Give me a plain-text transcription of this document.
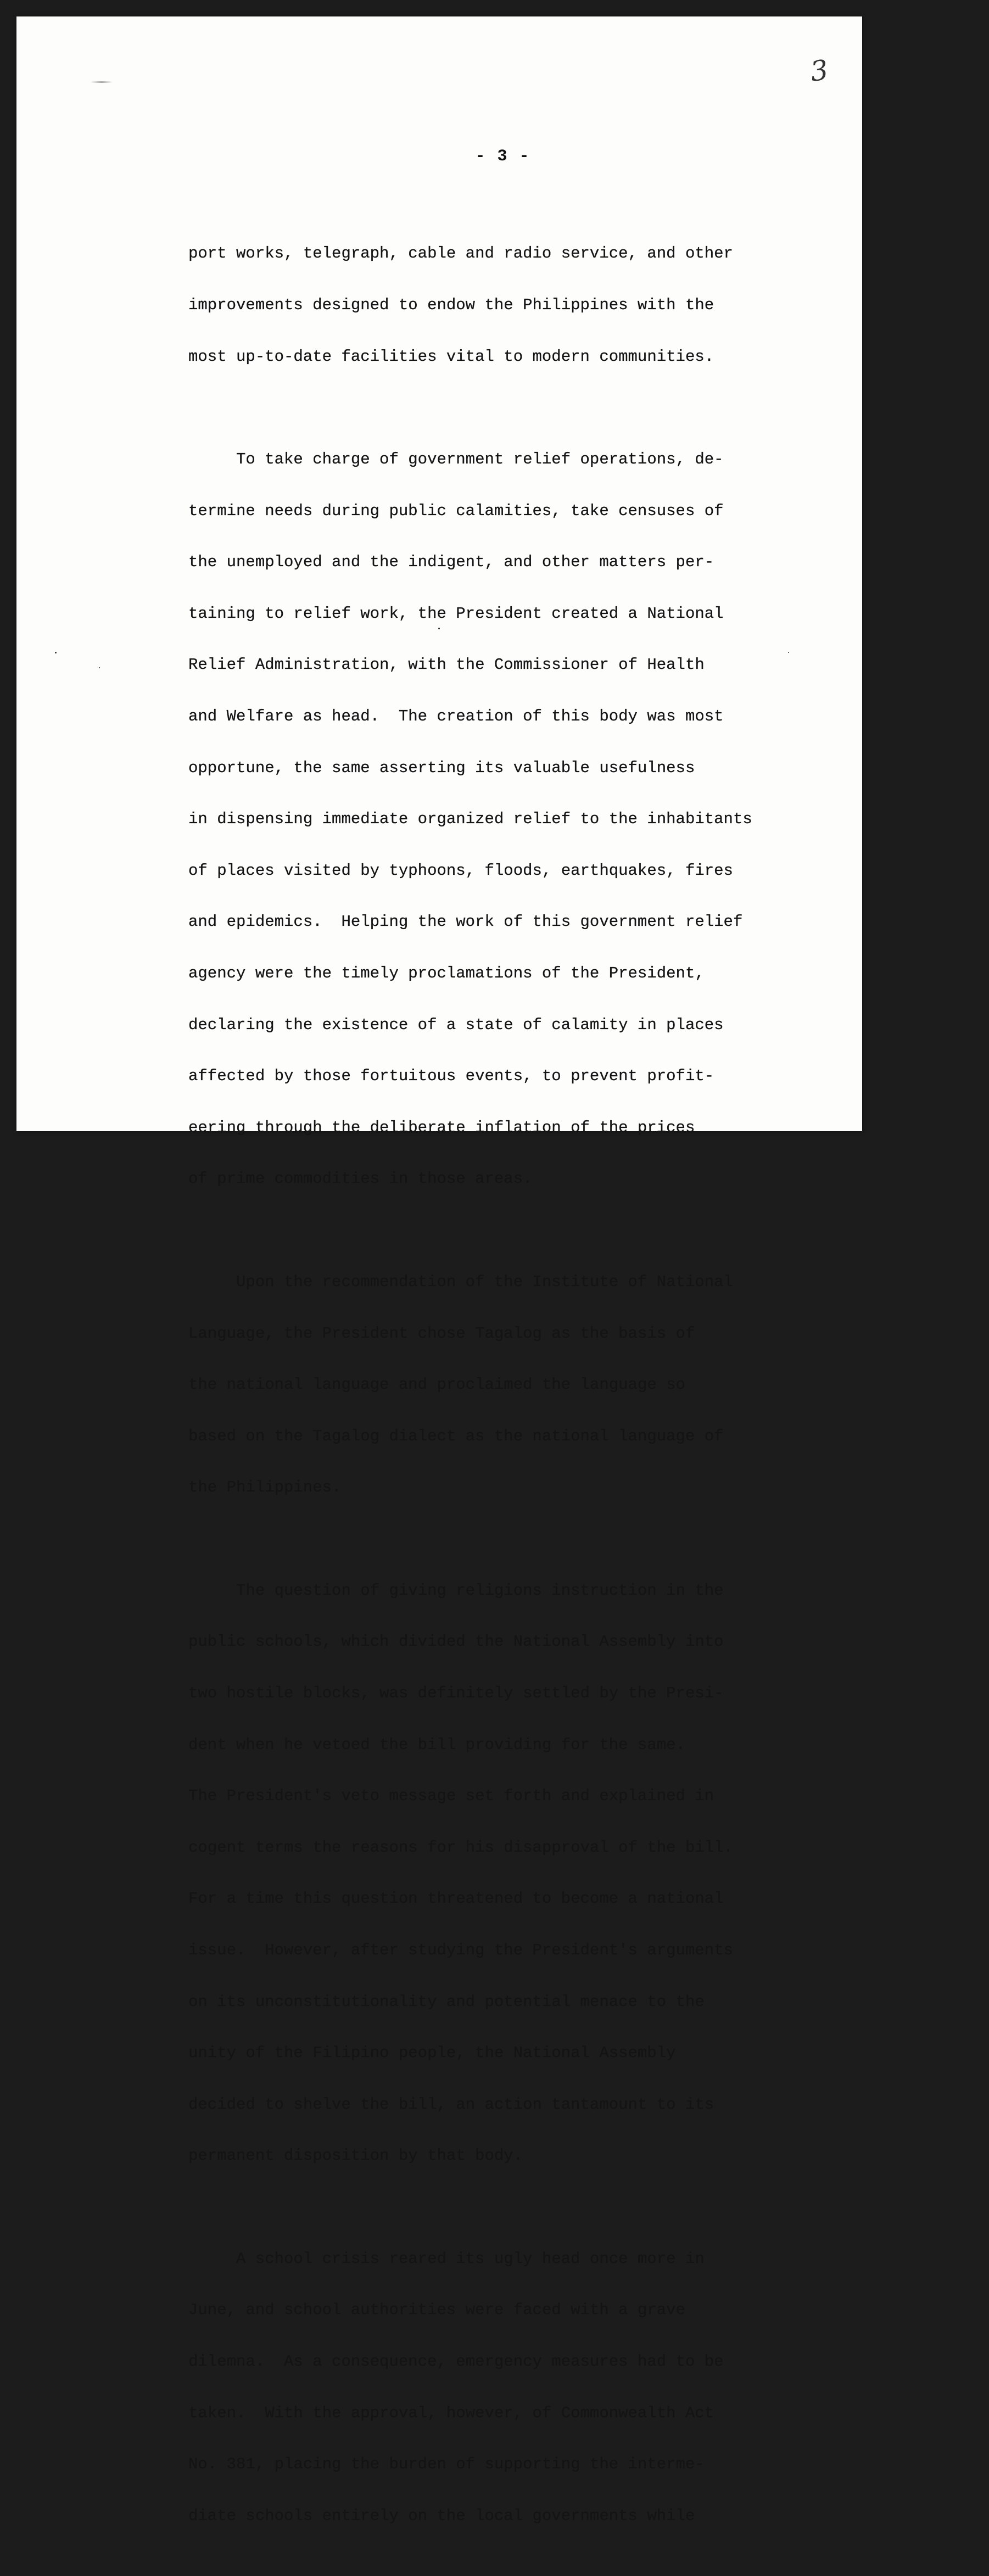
3
- 3 -

port works, telegraph, cable and radio service, and other

improvements designed to endow the Philippines with the

most up-to-date facilities vital to modern communities.

To take charge of government relief operations, de-

termine needs during public calamities, take censuses of

the unemployed and the indigent, and other matters per-

taining to relief work, the President created a National

Relief Administration, with the Commissioner of Health

and Welfare as head.  The creation of this body was most

opportune, the same asserting its valuable usefulness

in dispensing immediate organized relief to the inhabitants

of places visited by typhoons, floods, earthquakes, fires

and epidemics.  Helping the work of this government relief

agency were the timely proclamations of the President,

declaring the existence of a state of calamity in places

affected by those fortuitous events, to prevent profit-

eering through the deliberate inflation of the prices

of prime commodities in those areas.

Upon the recommendation of the Institute of National

Language, the President chose Tagalog as the basis of

the national language and proclaimed the language so

based on the Tagalog dialect as the national language of

the Philippines.

The question of giving religions instruction in the

public schools, which divided the National Assembly into

two hostile blocks, was definitely settled by the Presi-

dent when he vetoed the bill providing for the same.

The President's veto message set forth and explained in

cogent terms the reasons for his disapproval of the bill.

For a time this question threatened to become a national

issue.  However, after studying the President's arguments

on its unconstitutionality and potential menace to the

unity of the Filipino people, the National Assembly

decided to shelve the bill, an action tantamount to its

permanent disposition by that body.

A school crisis reared its ugly head once more in

June, and school authorities were faced with a grave

dilemna.  As a consequence, emergency measures had to be

taken.  With the approval, however, of Commonwealth Act

No. 381, placing the burden of supporting the interme-

diate schools entirely on the local governments while
